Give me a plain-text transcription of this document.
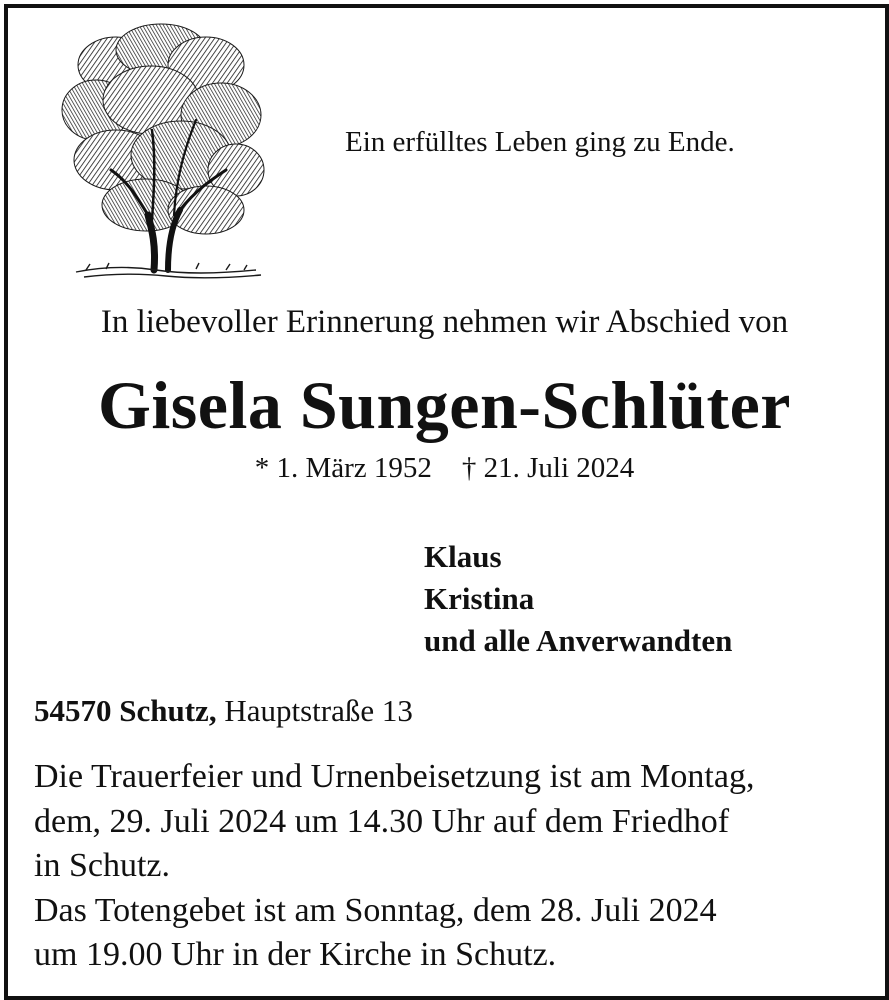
Ein erfülltes Leben ging zu Ende.
In liebevoller Erinnerung nehmen wir Abschied von
Gisela Sungen-Schlüter
* 1. März 1952 † 21. Juli 2024
Klaus
Kristina
und alle Anverwandten
54570 Schutz, Hauptstraße 13

Die Trauerfeier und Urnenbeisetzung ist am Montag,

dem, 29. Juli 2024 um 14.30 Uhr auf dem Friedhof

in Schutz.

Das Totengebet ist am Sonntag, dem 28. Juli 2024

um 19.00 Uhr in der Kirche in Schutz.
